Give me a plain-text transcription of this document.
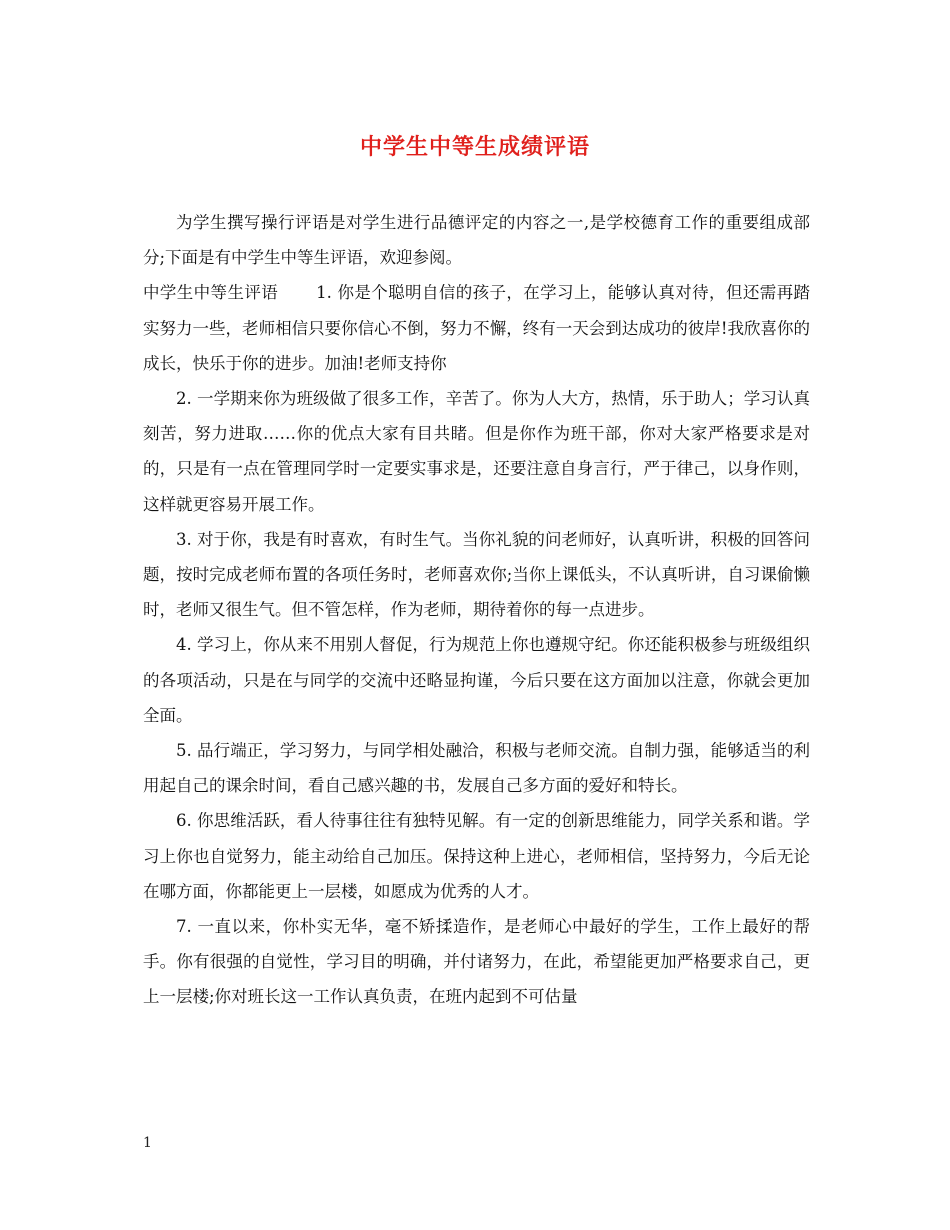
中学生中等生成绩评语

为学生撰写操行评语是对学生进行品德评定的内容之一,是学校德育工作的重要组成部分;下面是有中学生中等生评语，欢迎参阅。

中学生中等生评语 1. 你是个聪明自信的孩子，在学习上，能够认真对待，但还需再踏实努力一些，老师相信只要你信心不倒，努力不懈，终有一天会到达成功的彼岸!我欣喜你的成长，快乐于你的进步。加油!老师支持你

2. 一学期来你为班级做了很多工作，辛苦了。你为人大方，热情，乐于助人；学习认真刻苦，努力进取……你的优点大家有目共睹。但是你作为班干部，你对大家严格要求是对的，只是有一点在管理同学时一定要实事求是，还要注意自身言行，严于律己，以身作则，这样就更容易开展工作。

3. 对于你，我是有时喜欢，有时生气。当你礼貌的问老师好，认真听讲，积极的回答问题，按时完成老师布置的各项任务时，老师喜欢你;当你上课低头，不认真听讲，自习课偷懒时，老师又很生气。但不管怎样，作为老师，期待着你的每一点进步。

4. 学习上，你从来不用别人督促，行为规范上你也遵规守纪。你还能积极参与班级组织的各项活动，只是在与同学的交流中还略显拘谨，今后只要在这方面加以注意，你就会更加全面。

5. 品行端正，学习努力，与同学相处融洽，积极与老师交流。自制力强，能够适当的利用起自己的课余时间，看自己感兴趣的书，发展自己多方面的爱好和特长。

6. 你思维活跃，看人待事往往有独特见解。有一定的创新思维能力，同学关系和谐。学习上你也自觉努力，能主动给自己加压。保持这种上进心，老师相信，坚持努力，今后无论在哪方面，你都能更上一层楼，如愿成为优秀的人才。

7. 一直以来，你朴实无华，毫不矫揉造作，是老师心中最好的学生，工作上最好的帮手。你有很强的自觉性，学习目的明确，并付诸努力，在此，希望能更加严格要求自己，更上一层楼;你对班长这一工作认真负责，在班内起到不可估量

1
